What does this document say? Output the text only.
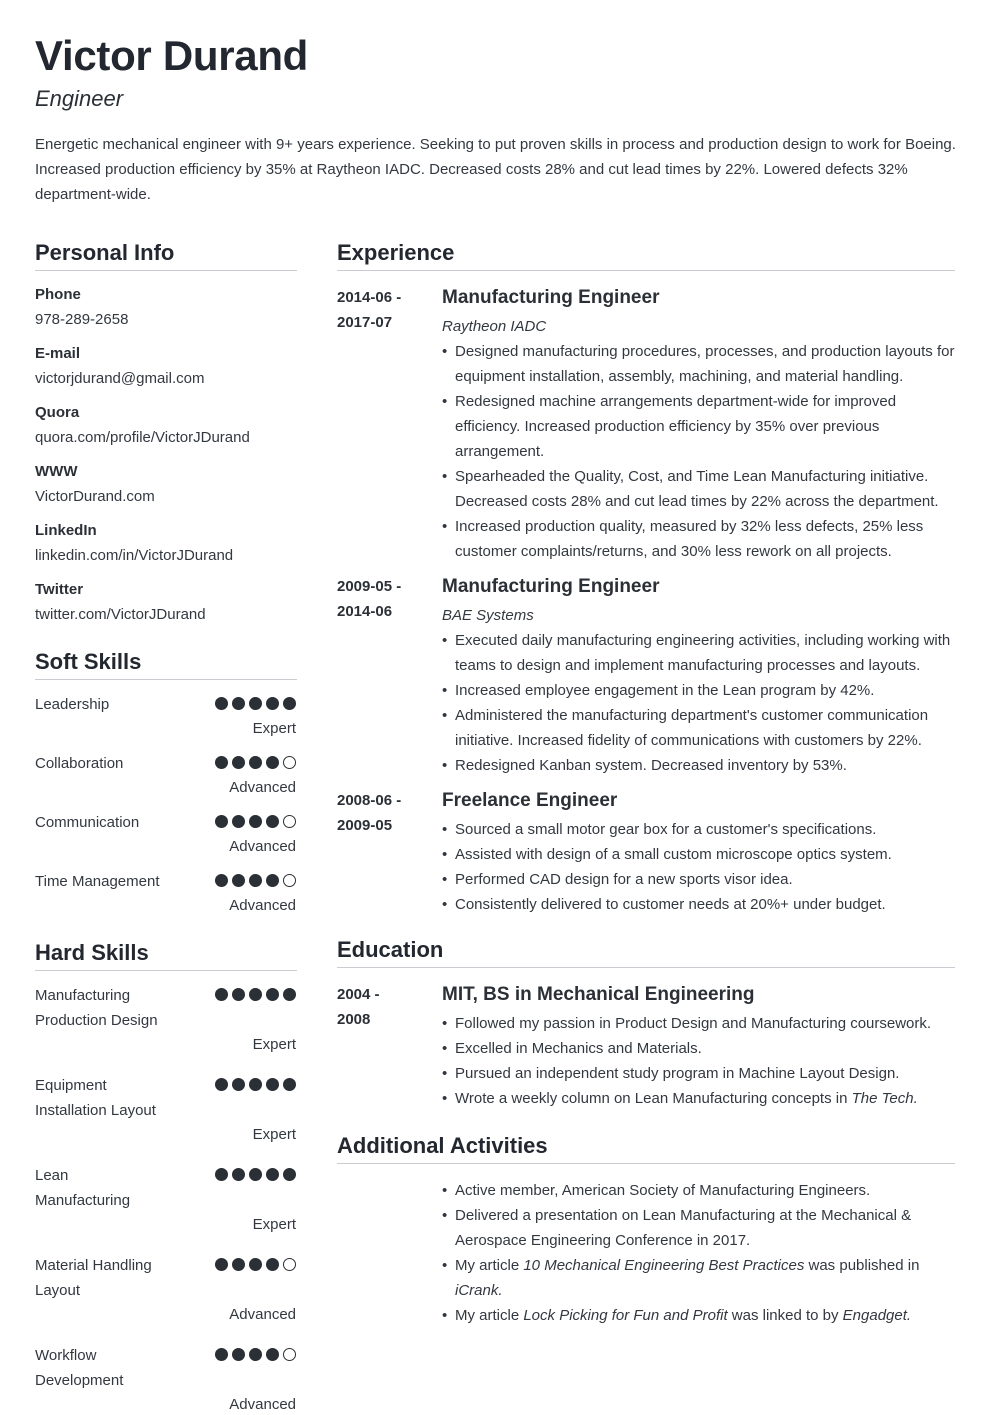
Victor Durand
Engineer
Energetic mechanical engineer with 9+ years experience. Seeking to put proven skills in process and production design to work for Boeing. Increased production efficiency by 35% at Raytheon IADC. Decreased costs 28% and cut lead times by 22%. Lowered defects 32% department-wide.
Personal Info
Phone
978-289-2658
E-mail
victorjdurand@gmail.com
Quora
quora.com/profile/VictorJDurand
WWW
VictorDurand.com
LinkedIn
linkedin.com/in/VictorJDurand
Twitter
twitter.com/VictorJDurand
Soft Skills
Leadership
Expert
Collaboration
Advanced
Communication
Advanced
Time Management
Advanced
Hard Skills
Manufacturing Production Design
Expert
Equipment Installation Layout
Expert
Lean Manufacturing
Expert
Material Handling Layout
Advanced
Workflow Development
Advanced
Experience
2014-06 -
2017-07
Manufacturing Engineer
Raytheon IADC
• Designed manufacturing procedures, processes, and production layouts for equipment installation, assembly, machining, and material handling.
• Redesigned machine arrangements department-wide for improved efficiency. Increased production efficiency by 35% over previous arrangement.
• Spearheaded the Quality, Cost, and Time Lean Manufacturing initiative. Decreased costs 28% and cut lead times by 22% across the department.
• Increased production quality, measured by 32% less defects, 25% less customer complaints/returns, and 30% less rework on all projects.
2009-05 -
2014-06
Manufacturing Engineer
BAE Systems
• Executed daily manufacturing engineering activities, including working with teams to design and implement manufacturing processes and layouts.
• Increased employee engagement in the Lean program by 42%.
• Administered the manufacturing department's customer communication initiative. Increased fidelity of communications with customers by 22%.
• Redesigned Kanban system. Decreased inventory by 53%.
2008-06 -
2009-05
Freelance Engineer
• Sourced a small motor gear box for a customer's specifications.
• Assisted with design of a small custom microscope optics system.
• Performed CAD design for a new sports visor idea.
• Consistently delivered to customer needs at 20%+ under budget.
Education
2004 -
2008
MIT, BS in Mechanical Engineering
• Followed my passion in Product Design and Manufacturing coursework.
• Excelled in Mechanics and Materials.
• Pursued an independent study program in Machine Layout Design.
• Wrote a weekly column on Lean Manufacturing concepts in The Tech.
Additional Activities
• Active member, American Society of Manufacturing Engineers.
• Delivered a presentation on Lean Manufacturing at the Mechanical & Aerospace Engineering Conference in 2017.
• My article 10 Mechanical Engineering Best Practices was published in iCrank.
• My article Lock Picking for Fun and Profit was linked to by Engadget.
